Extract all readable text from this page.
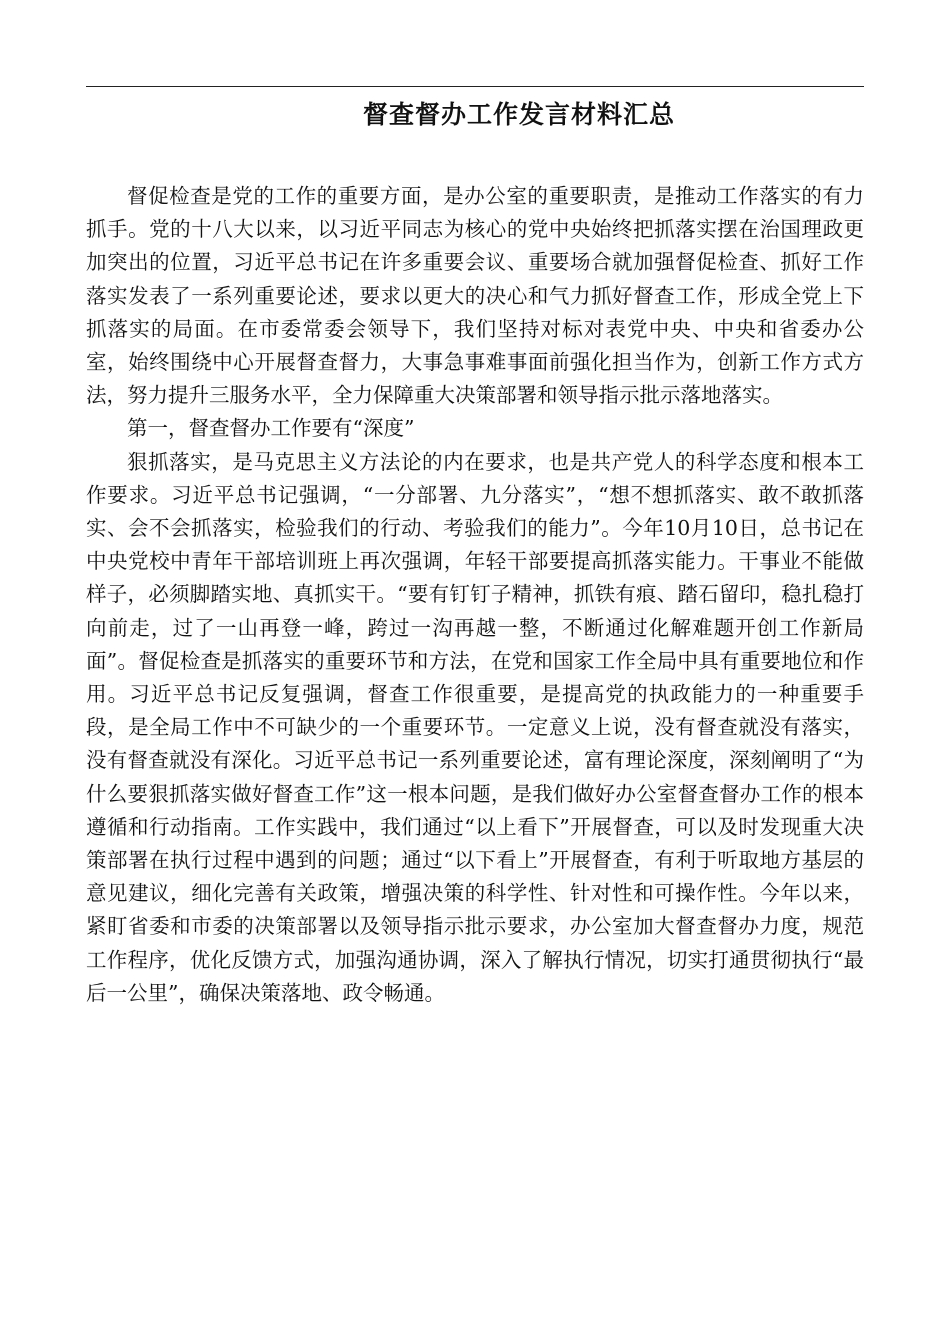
督查督办工作发言材料汇总

督促检查是党的工作的重要方面，是办公室的重要职责，是推动工作落实的有力抓手。党的十八大以来，以习近平同志为核心的党中央始终把抓落实摆在治国理政更加突出的位置，习近平总书记在许多重要会议、重要场合就加强督促检查、抓好工作落实发表了一系列重要论述，要求以更大的决心和气力抓好督查工作，形成全党上下抓落实的局面。在市委常委会领导下，我们坚持对标对表党中央、中央和省委办公室，始终围绕中心开展督查督力，大事急事难事面前强化担当作为，创新工作方式方法，努力提升三服务水平，全力保障重大决策部署和领导指示批示落地落实。

第一，督查督办工作要有“深度”

狠抓落实，是马克思主义方法论的内在要求，也是共产党人的科学态度和根本工作要求。习近平总书记强调，“一分部署、九分落实”，“想不想抓落实、敢不敢抓落实、会不会抓落实，检验我们的行动、考验我们的能力”。今年10月10日，总书记在中央党校中青年干部培训班上再次强调，年轻干部要提高抓落实能力。干事业不能做样子，必须脚踏实地、真抓实干。“要有钉钉子精神，抓铁有痕、踏石留印，稳扎稳打向前走，过了一山再登一峰，跨过一沟再越一整，不断通过化解难题开创工作新局面”。督促检查是抓落实的重要环节和方法，在党和国家工作全局中具有重要地位和作用。习近平总书记反复强调，督查工作很重要，是提高党的执政能力的一种重要手段，是全局工作中不可缺少的一个重要环节。一定意义上说，没有督查就没有落实，没有督查就没有深化。习近平总书记一系列重要论述，富有理论深度，深刻阐明了“为什么要狠抓落实做好督查工作”这一根本问题，是我们做好办公室督查督办工作的根本遵循和行动指南。工作实践中，我们通过“以上看下”开展督查，可以及时发现重大决策部署在执行过程中遇到的问题；通过“以下看上”开展督查，有利于听取地方基层的意见建议，细化完善有关政策，增强决策的科学性、针对性和可操作性。今年以来，紧盯省委和市委的决策部署以及领导指示批示要求，办公室加大督查督办力度，规范工作程序，优化反馈方式，加强沟通协调，深入了解执行情况，切实打通贯彻执行“最后一公里”，确保决策落地、政令畅通。
